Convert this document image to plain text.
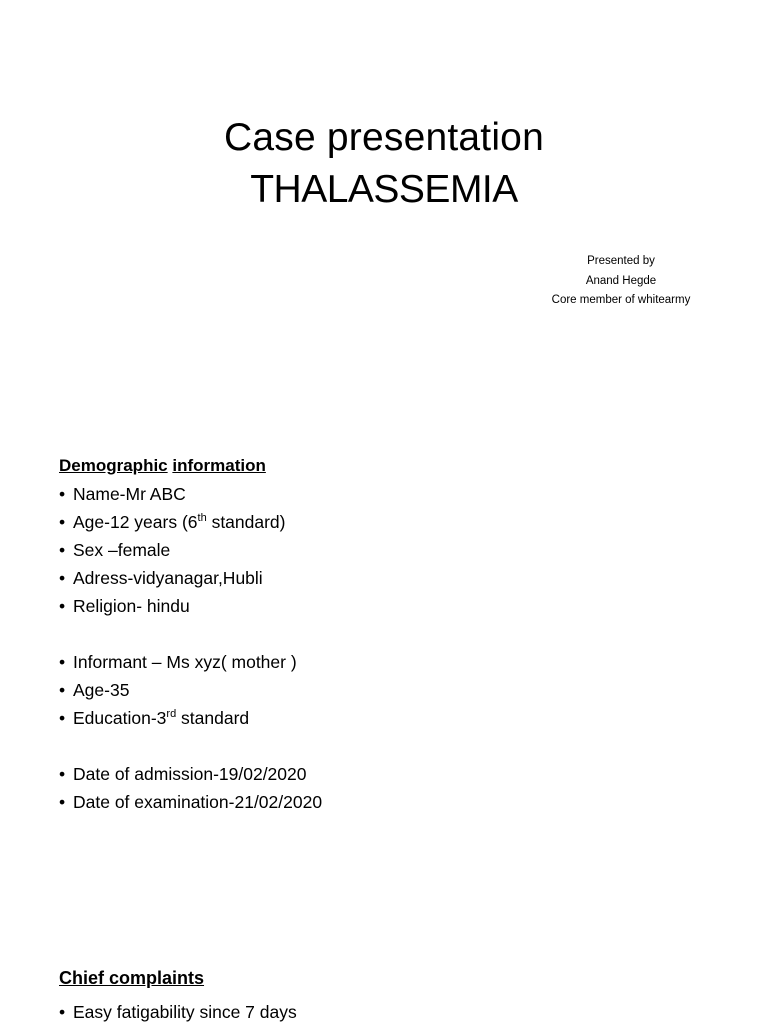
Case presentation
THALASSEMIA
Presented by
Anand Hegde
Core member of whitearmy
Demographic information
• Name-Mr ABC
• Age-12 years (6th standard)
• Sex –female
• Adress-vidyanagar,Hubli
• Religion- hindu
• Informant – Ms xyz( mother )
• Age-35
• Education-3rd standard
• Date of admission-19/02/2020
• Date of examination-21/02/2020
Chief complaints
• Easy fatigability since 7 days
